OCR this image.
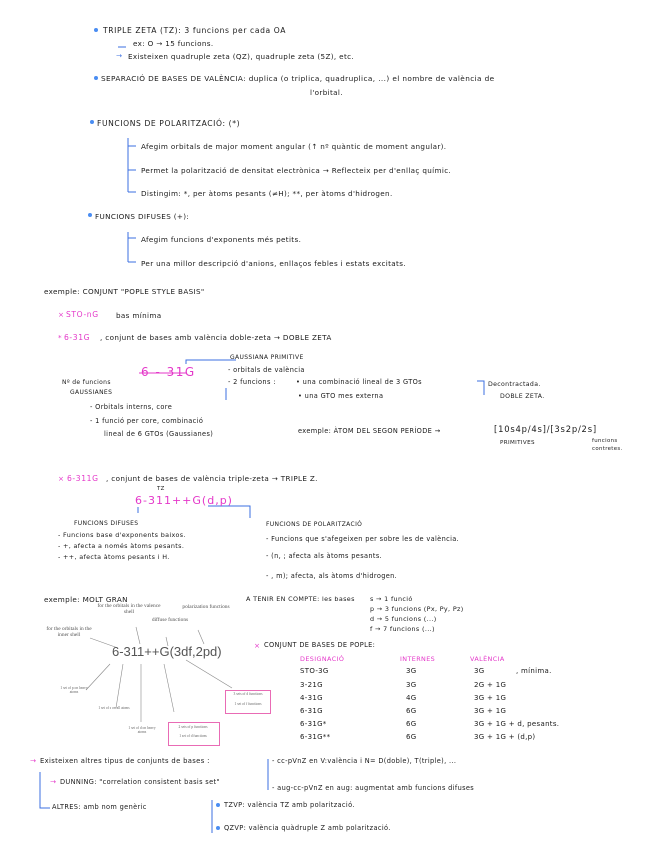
TRIPLE ZETA (TZ): 3 funcions per cada OA
ex: O → 15 funcions.
→ Existeixen quadruple zeta (QZ), quadruple zeta (5Z), etc.
SEPARACIÓ DE BASES DE VALÈNCIA: duplica (o triplica, quadruplica, ...) el nombre de valència de
l'orbital.
FUNCIONS DE POLARITZACIÓ: (*)
Afegim orbitals de major moment angular (↑ nº quàntic de moment angular).
Permet la polarització de densitat electrònica → Reflecteix per d'enllaç químic.
Distingim: *, per àtoms pesants (≠H); **, per àtoms d'hidrogen.
FUNCIONS DIFUSES (+):
Afegim funcions d'exponents més petits.
Per una millor descripció d'anions, enllaços febles i estats excitats.
exemple: CONJUNT "POPLE STYLE BASIS"
× STO-nG bas mínima
* 6-31G , conjunt de bases amb valència doble-zeta → DOBLE ZETA
6 - 31G
GAUSSIANA PRIMITIVE
- orbitals de valència
- 2 funcions :	• una combinació lineal de 3 GTOs
• una GTO mes externa
Decontractada.
DOBLE ZETA.
Nº de funcions
GAUSSIANES
- Orbitals interns, core
- 1 funció per core, combinació
lineal de 6 GTOs (Gaussianes)	exemple: ÀTOM DEL SEGON PERÍODE →	[10s4p/4s]/[3s2p/2s]
PRIMITIVES	funcions
contretes.
× 6-311G , conjunt de bases de valència triple-zeta → TRIPLE Z.
TZ
6-311++G(d,p)
FUNCIONS DIFUSES
- Funcions base d'exponents baixos.
- +, afecta a només àtoms pesants.
- ++, afecta àtoms pesants i H.
FUNCIONS DE POLARITZACIÓ
- Funcions que s'afegeixen per sobre les de valència.
- (n, ; afecta als àtoms pesants.
- , m); afecta, als àtoms d'hidrogen.
exemple: MOLT GRAN
for the orbitals in the valence shell
for the orbitals in the inner shell
diffuse functions
polarization functions
6-311++G(3df,2pd)
1 set of p on heavy atoms
1 set of s on all atoms
1 set of d on heavy atoms
3 sets of d functions
1 set of f functions
2 sets of p functions
1 set of d functions
A TENIR EN COMPTE: les bases s → 1 funció
p → 3 funcions (Px, Py, Pz)
d → 5 funcions (...)
f → 7 funcions (...)
× CONJUNT DE BASES DE POPLE:
DESIGNACIÓ	INTERNES	VALÈNCIA
STO-3G	3G	3G	, mínima.
3-21G	3G	2G + 1G
4-31G	4G	3G + 1G
6-31G	6G	3G + 1G
6-31G*	6G	3G + 1G + d, pesants.
6-31G**	6G	3G + 1G + (d,p)
→ Existeixen altres tipus de conjunts de bases :	- cc-pVnZ en V:valència i N= D(doble), T(triple), ...
→ DUNNING: "correlation consistent basis set"
- aug-cc-pVnZ en aug: augmentat amb funcions difuses
ALTRES: amb nom genèric	TZVP: valència TZ amb polarització.
QZVP: valència quàdruple Z amb polarització.
